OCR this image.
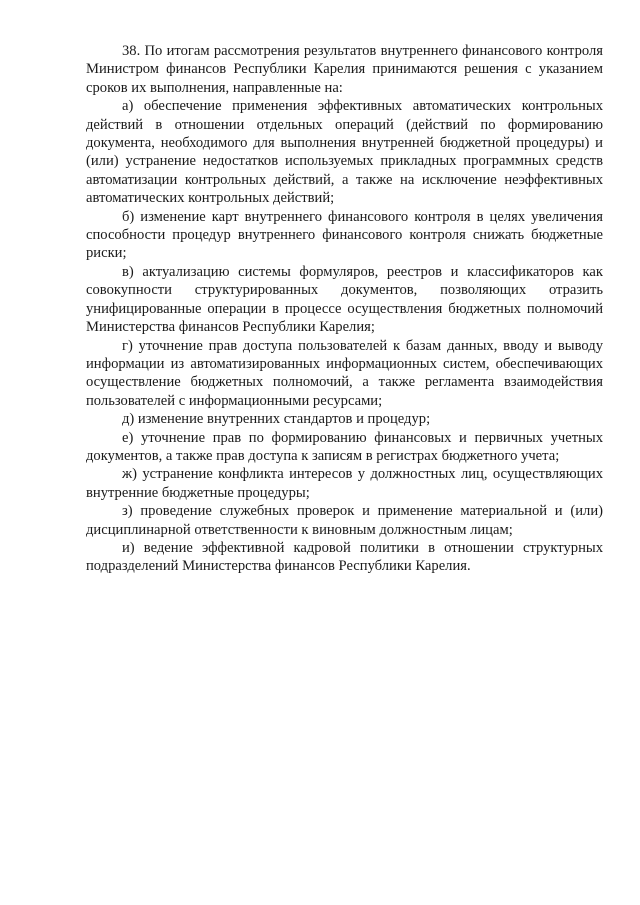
38. По итогам рассмотрения результатов внутреннего финансового контроля Министром финансов Республики Карелия принимаются решения с указанием сроков их выполнения, направленные на:

а) обеспечение применения эффективных автоматических контрольных действий в отношении отдельных операций (действий по формированию документа, необходимого для выполнения внутренней бюджетной процедуры) и (или) устранение недостатков используемых прикладных программных средств автоматизации контрольных действий, а также на исключение неэффективных автоматических контрольных действий;

б) изменение карт внутреннего финансового контроля в целях увеличения способности процедур внутреннего финансового контроля снижать бюджетные риски;

в) актуализацию системы формуляров, реестров и классификаторов как совокупности структурированных документов, позволяющих отразить унифицированные операции в процессе осуществления бюджетных полномочий Министерства финансов Республики Карелия;

г) уточнение прав доступа пользователей к базам данных, вводу и выводу информации из автоматизированных информационных систем, обеспечивающих осуществление бюджетных полномочий, а также регламента взаимодействия пользователей с информационными ресурсами;

д) изменение внутренних стандартов и процедур;

е) уточнение прав по формированию финансовых и первичных учетных документов, а также прав доступа к записям в регистрах бюджетного учета;

ж) устранение конфликта интересов у должностных лиц, осуществляющих внутренние бюджетные процедуры;

з) проведение служебных проверок и применение материальной и (или) дисциплинарной ответственности к виновным должностным лицам;

и) ведение эффективной кадровой политики в отношении структурных подразделений Министерства финансов Республики Карелия.
